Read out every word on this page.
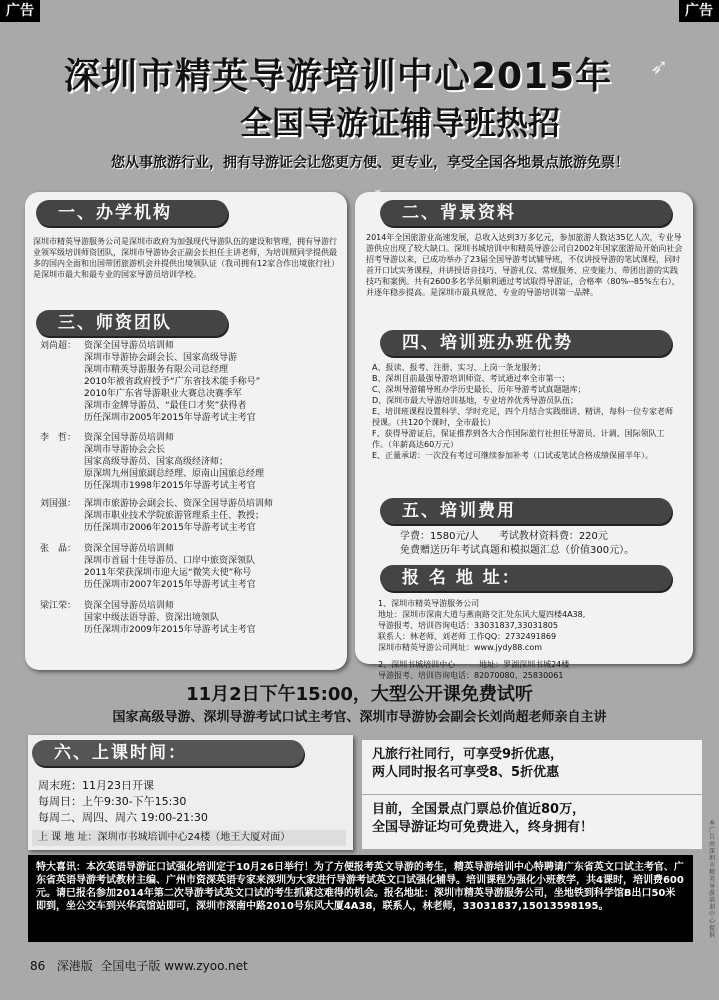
广告	广告
➶
深圳市精英导游培训中心2015年
全国导游证辅导班热招
您从事旅游行业，拥有导游证会让您更方便、更专业，享受全国各地景点旅游免票！
一、办学机构
深圳市精英导游服务公司是深圳市政府为加强现代导游队伍的建设和管理，拥有导游行业领军级培训师资团队，深圳市导游协会正副会长担任主讲老师，为培训照同学提供最多的国内全面和出国带团旅游机会并提供出境领队证（我司拥有12家合作出境旅行社）是深圳市最大和最专业的国家导游员培训学校。
三、师资团队
刘尚超： 资深全国导游员培训师
深圳市导游协会副会长、国家高级导游
深圳市精英导游服务有限公司总经理
2010年被省政府授予“广东省技术能手称号”
2010年广东省导游职业大赛总决赛季军
深圳市金牌导游员、“最佳口才奖”获得者
历任深圳市2005年2015年导游考试主考官
李　哲： 资深全国导游员培训师
深圳市导游协会会长
国家高级导游员、国家高级经济师；
原深圳九州国旅副总经理、原南山国旅总经理
历任深圳市1998年2015年导游考试主考官
刘国强： 深圳市旅游协会副会长、资深全国导游员培训师
深圳市职业技术学院旅游管理系主任、教授；
历任深圳市2006年2015年导游考试主考官
张　晶： 资深全国导游员培训师
深圳市首届十佳导游员、口岸中旅资深领队
2011年荣获深圳市迎大运“微笑大使”称号
历任深圳市2007年2015年导游考试主考官
梁江荣： 资深全国导游员培训师
国家中级法语导游、资深出境领队
历任深圳市2009年2015年导游考试主考官
二、背景资料
2014年全国旅游业高速发展，总收入达到3万多亿元，参加旅游人数达35亿人次，专业导游供应出现了较大缺口。深圳书城培训中和精英导游公司自2002年国家旅游局开始向社会招考导游以来，已成功举办了23届全国导游考试辅导班，不仅讲授导游的笔试课程，同时首开口试实务课程，并讲授语音技巧、导游礼仪、常规服务、应变能力、带团出游的实践技巧和案例。共有2600多名学员顺利通过考试取得导游证，合格率（80%--85%左右），并逐年稳步提高。是深圳市最具规范、专业的导游培训第一品牌。
四、培训班办班优势
A、报读、报考、注册、实习、上岗一条龙服务；
B、深圳目前最强导游培训师资、考试通过率全市第一；
C、深圳导游辅导班办学历史最长、历年导游考试真题题库；
D、深圳市最大导游培训基地，专业培养优秀导游员队伍；
E、培训班课程设置科学、学时充足，四个月结合实践细讲、精讲，每科一位专家老师授课。（共120个课时，全市最长）
F、获得导游证后，保证推荐到各大合作国际旅行社担任导游员、计调、国际领队工作。（年薪高达60万元）
E、正量承诺：一次没有考过可继续参加补考（口试或笔试合格成绩保留半年）。
五、培训费用
学费：1580元/人　　考试教材资料费：220元
免费赠送历年考试真题和模拟题汇总（价值300元）。
报 名 地 址：
1、深圳市精英导游服务公司
地址：深圳市深南大道与燕南路交汇处东风大厦四楼4A38,
导游报考、培训咨询电话：33031837,33031805
联系人：林老师、刘老师 工作QQ：2732491869
深圳市精英导游公司网址：www.jydy88.com
2、深圳书城培训中心　　　地址：罗湖深圳书城24楼
导游报考、培训咨询电话：82070080、25830061
11月2日下午15:00，大型公开课免费试听
国家高级导游、深圳导游考试口试主考官、深圳市导游协会副会长刘尚超老师亲自主讲
六、上课时间：
周末班：11月23日开课
每周日：上午9:30-下午15:30
每周二、周四、周六 19:00-21:30
上 课 地 址：深圳市书城培训中心24楼（地王大厦对面）
凡旅行社同行，可享受9折优惠，
两人同时报名可享受8、5折优惠
目前，全国景点门票总价值近80万，
全国导游证均可免费进入，终身拥有！
特大喜讯：本次英语导游证口试强化培训定于10月26日举行！为了方便报考英文导游的考生，精英导游培训中心特聘请广东省英文口试主考官、广东省英语导游考试教材主编、广州市资深英语专家来深圳为大家进行导游考试英文口试强化辅导。培训课程为强化小班教学，共4课时，培训费600元。请已报名参加2014年第二次导游考试英文口试的考生抓紧这难得的机会。报名地址：深圳市精英导游服务公司，坐地铁到科学馆B出口50米即到，坐公交车到兴华宾馆站即可，深圳市深南中路2010号东风大厦4A38，联系人，林老师，33031837,15013598195。
86 深港版 全国电子版 www.zyoo.net
本广告由深圳市精英导游培训中心提供
